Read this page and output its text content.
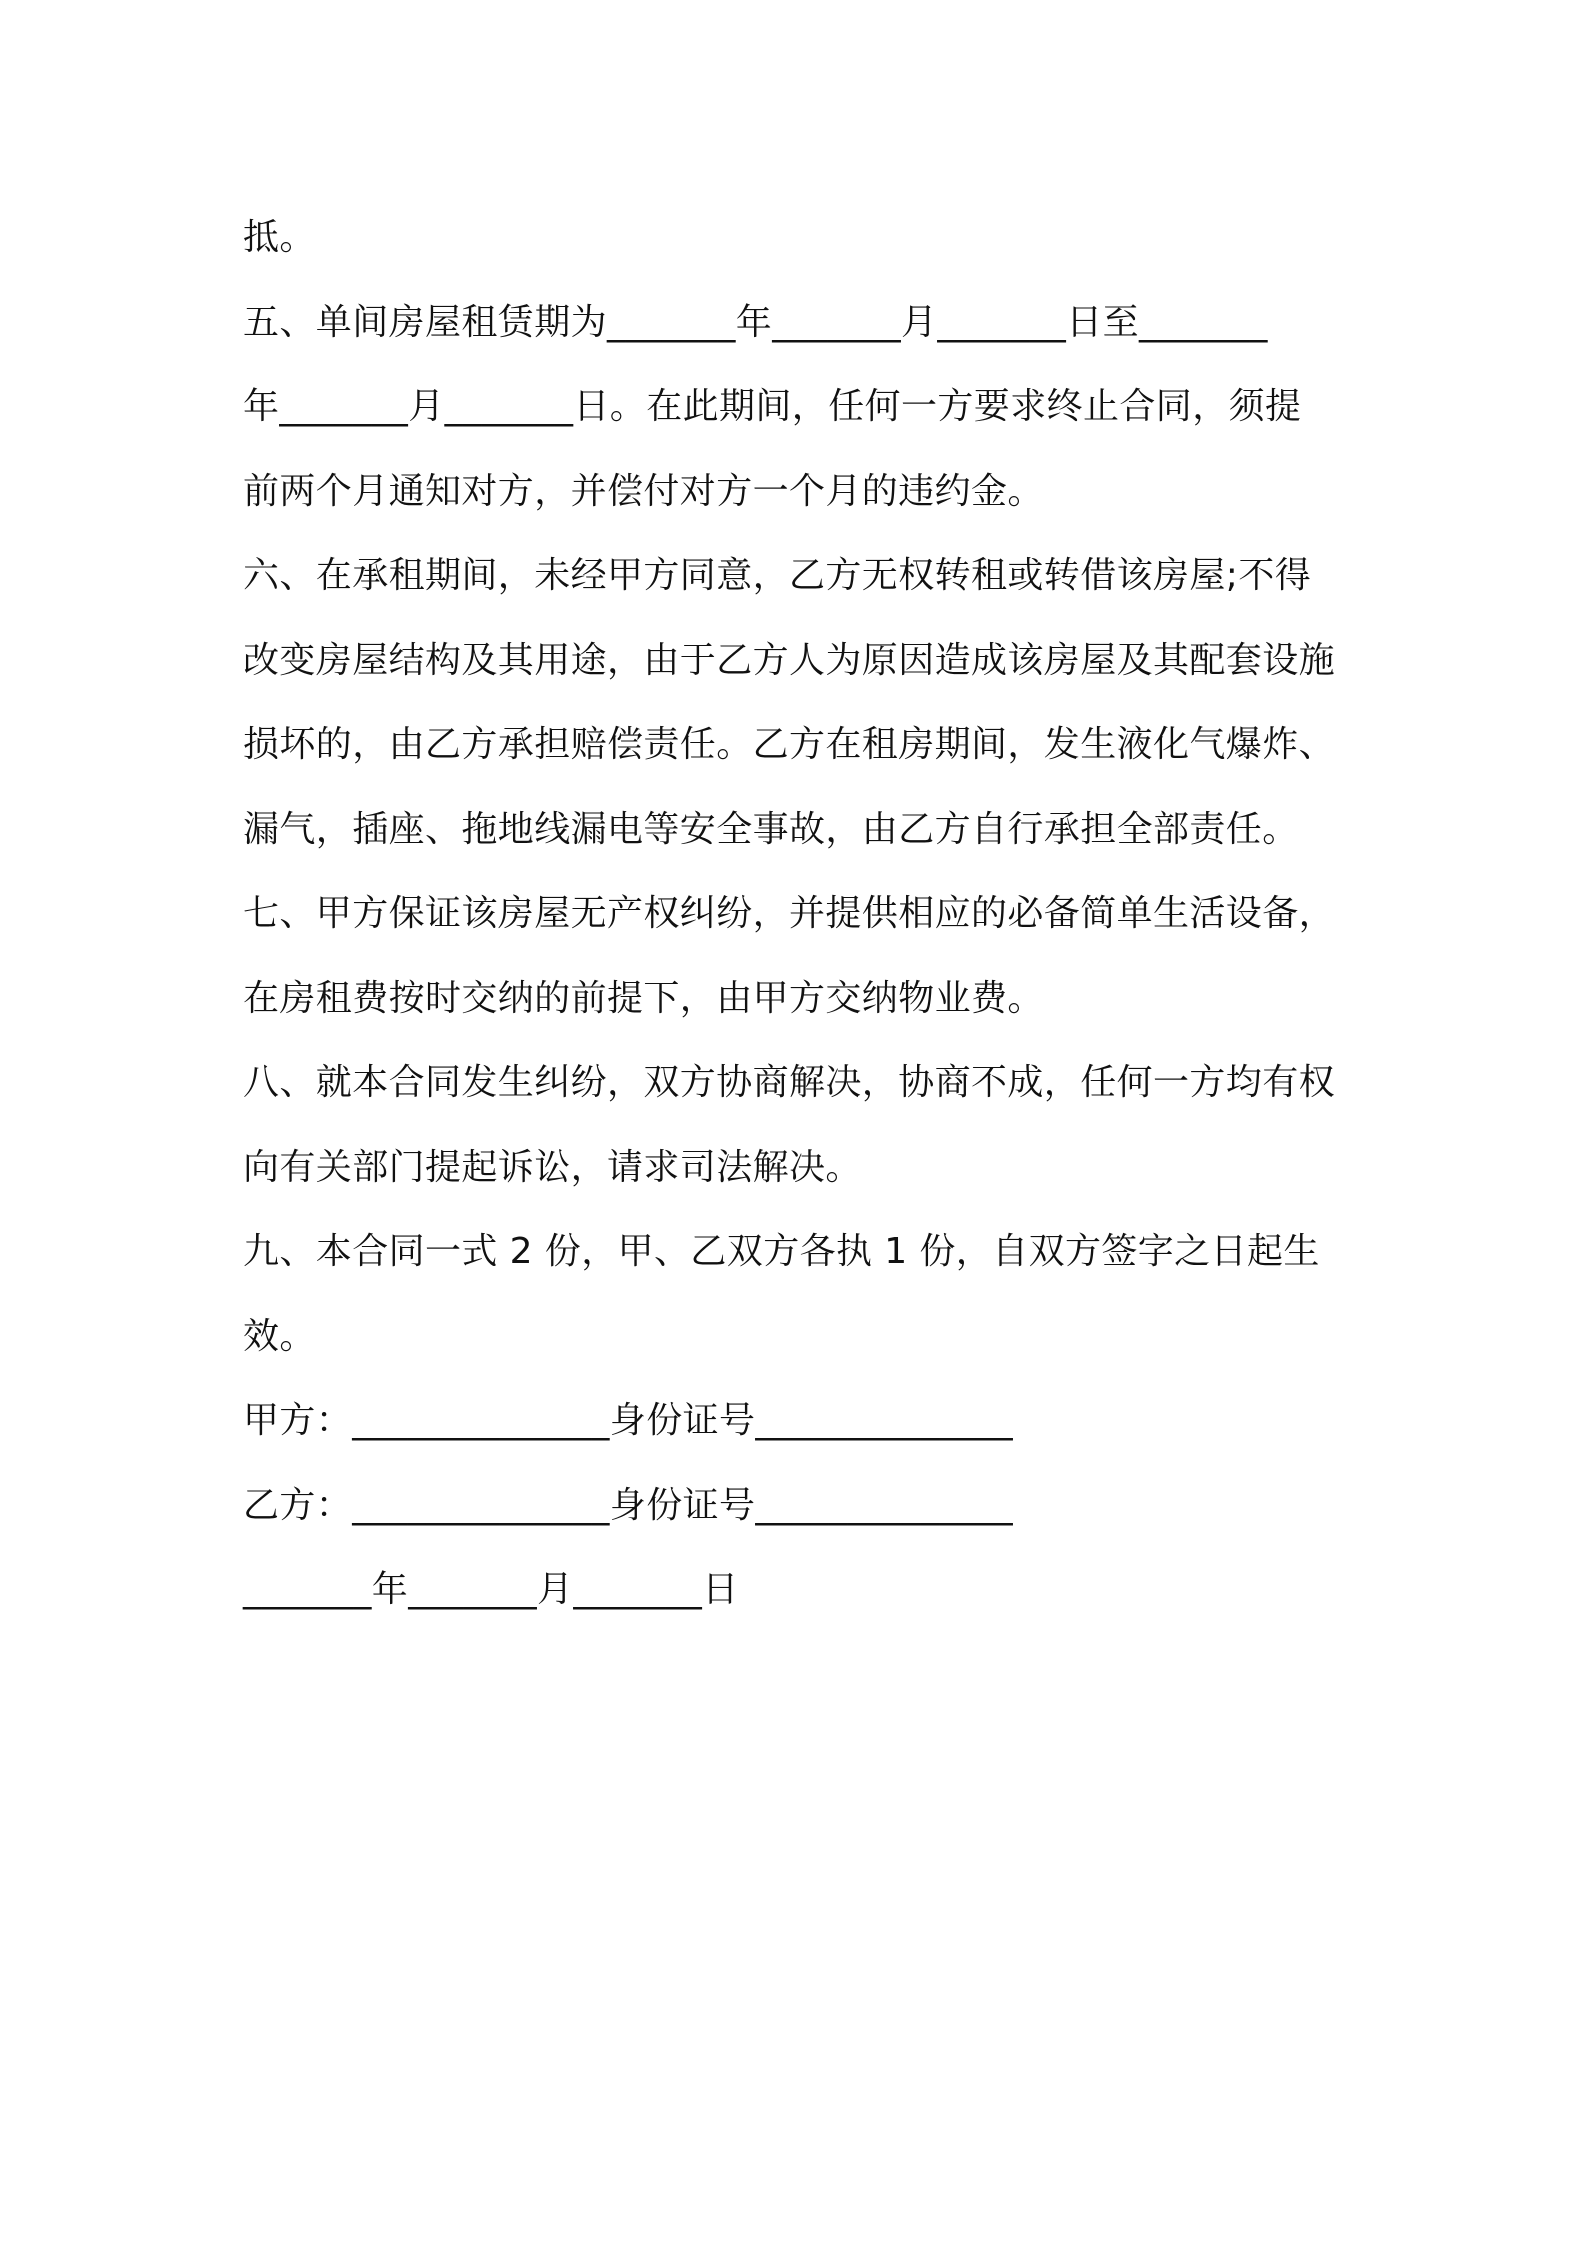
抵。
五、单间房屋租赁期为_______年_______月_______日至_______
年_______月_______日。在此期间，任何一方要求终止合同，须提
前两个月通知对方，并偿付对方一个月的违约金。
六、在承租期间，未经甲方同意，乙方无权转租或转借该房屋;不得
改变房屋结构及其用途，由于乙方人为原因造成该房屋及其配套设施
损坏的，由乙方承担赔偿责任。乙方在租房期间，发生液化气爆炸、
漏气，插座、拖地线漏电等安全事故，由乙方自行承担全部责任。
七、甲方保证该房屋无产权纠纷，并提供相应的必备简单生活设备，
在房租费按时交纳的前提下，由甲方交纳物业费。
八、就本合同发生纠纷，双方协商解决，协商不成，任何一方均有权
向有关部门提起诉讼，请求司法解决。
九、本合同一式 2 份，甲、乙双方各执 1 份，自双方签字之日起生
效。
甲方：______________身份证号______________
乙方：______________身份证号______________
_______年_______月_______日
